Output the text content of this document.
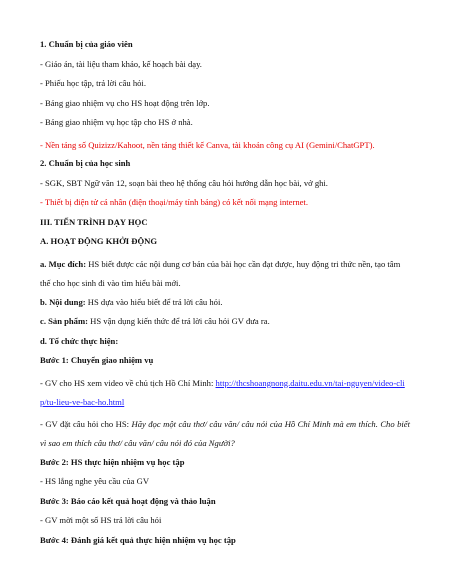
1. Chuẩn bị của giáo viên
- Giáo án, tài liệu tham khảo, kế hoạch bài dạy.
- Phiếu học tập, trả lời câu hỏi.
- Bảng giao nhiệm vụ cho HS hoạt động trên lớp.
- Bảng giao nhiệm vụ học tập cho HS ở nhà.
- Nền tảng số Quizizz/Kahoot, nền tảng thiết kế Canva, tài khoản công cụ AI (Gemini/ChatGPT).
2. Chuẩn bị của học sinh
- SGK, SBT Ngữ văn 12, soạn bài theo hệ thống câu hỏi hướng dẫn học bài, vở ghi.
- Thiết bị điện tử cá nhân (điện thoại/máy tính bảng) có kết nối mạng internet.
III. TIẾN TRÌNH DẠY HỌC
A. HOẠT ĐỘNG KHỞI ĐỘNG
a. Mục đích: HS biết được các nội dung cơ bản của bài học cần đạt được, huy động tri thức nền, tạo tâm thế cho học sinh đi vào tìm hiểu bài mới.
b. Nội dung: HS dựa vào hiểu biết để trả lời câu hỏi.
c. Sản phẩm: HS vận dụng kiến thức để trả lời câu hỏi GV đưa ra.
d. Tổ chức thực hiện:
Bước 1: Chuyển giao nhiệm vụ
- GV cho HS xem video về chủ tịch Hồ Chí Minh: http://thcshoangnong.daitu.edu.vn/tai-nguyen/video-clip/tu-lieu-ve-bac-ho.html
- GV đặt câu hỏi cho HS: Hãy đọc một câu thơ/ câu văn/ câu nói của Hồ Chí Minh mà em thích. Cho biết vì sao em thích câu thơ/ câu văn/ câu nói đó của Người?
Bước 2: HS thực hiện nhiệm vụ học tập
- HS lắng nghe yêu cầu của GV
Bước 3: Báo cáo kết quả hoạt động và thảo luận
- GV mời một số HS trả lời câu hỏi
Bước 4: Đánh giá kết quả thực hiện nhiệm vụ học tập
